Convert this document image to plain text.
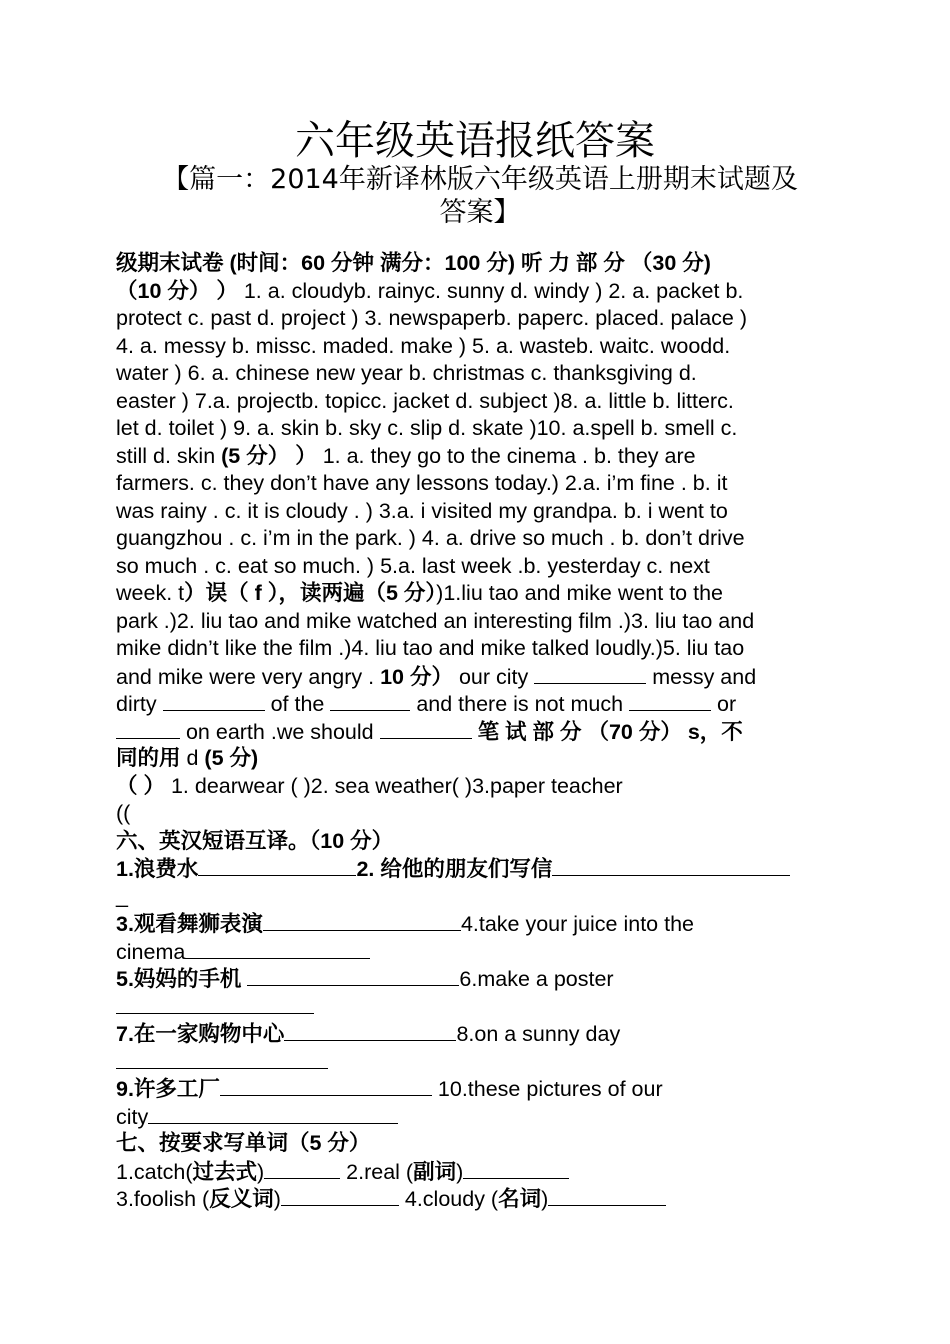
六年级英语报纸答案
【篇一：2014年新译林版六年级英语上册期末试题及
答案】
级期末试卷 (时间：60 分钟 满分：100 分) 听 力 部 分 （30 分)
（10 分） ） 1. a. cloudyb. rainyc. sunny d. windy ) 2. a. packet b.
protect c. past d. project ) 3. newspaperb. paperc. placed. palace )
4. a. messy b. missc. maded. make ) 5. a. wasteb. waitc. woodd.
water ) 6. a. chinese new year b. christmas c. thanksgiving d.
easter ) 7.a. projectb. topicc. jacket d. subject )8. a. little b. litterc.
let d. toilet ) 9. a. skin b. sky c. slip d. skate )10. a.spell b. smell c.
still d. skin (5 分） ） 1. a. they go to the cinema . b. they are
farmers. c. they don’t have any lessons today.) 2.a. i’m fine . b. it
was rainy . c. it is cloudy . ) 3.a. i visited my grandpa. b. i went to
guangzhou . c. i’m in the park. ) 4. a. drive so much . b. don’t drive
so much . c. eat so much. ) 5.a. last week .b. yesterday c. next
week. t）误（ f ），读两遍（5 分）)1.liu tao and mike went to the
park .)2. liu tao and mike watched an interesting film .)3. liu tao and
mike didn’t like the film .)4. liu tao and mike talked loudly.)5. liu tao
and mike were very angry . 10 分） our city	messy and
dirty	of the	and there is not much	or
on earth .we should	笔 试 部 分 （70 分） s，不
同的用 d (5 分)
（ ） 1. dearwear ( )2. sea weather( )3.paper teacher
((
六、英汉短语互译。（10 分）
1.浪费水	2. 给他的朋友们写信
_
3.观看舞狮表演	4.take your juice into the
cinema
5.妈妈的手机	6.make a poster
7.在一家购物中心	8.on a sunny day
9.许多工厂	10.these pictures of our
city
七、按要求写单词（5 分）
1.catch(过去式)	2.real (副词)
3.foolish (反义词)	4.cloudy (名词)
